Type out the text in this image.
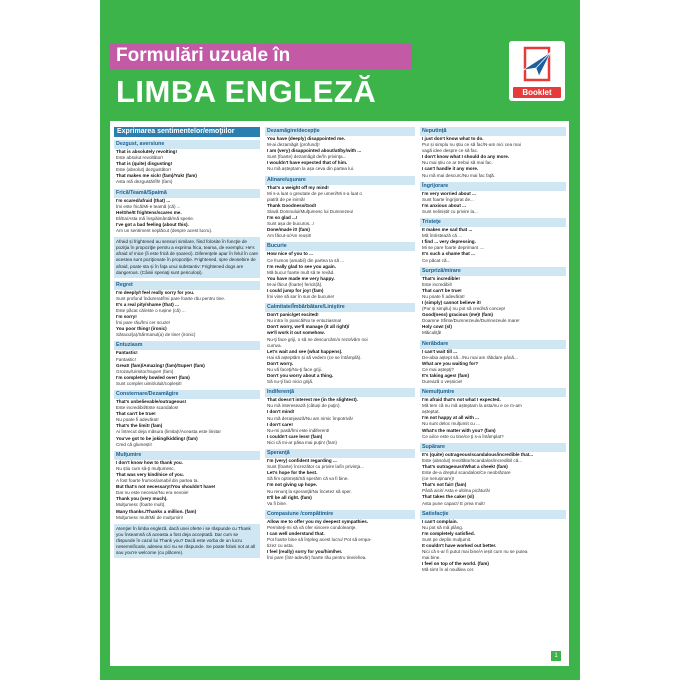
Formulări uzuale în
LIMBA ENGLEZĂ	Booklet
Exprimarea sentimentelor/emoţiilor
Dezgust, aversiune
That is absolutely revolting!
Este absolut revoltător!
That is (quite) disgusting!
Este (absolut) dezgustător!
That makes me sick! (fam)/Yuk! (fam)
Asta mă dezgustă!/Îh! (fam)
Frică/Teamă/Spaimă
I'm scared/afraid (that) ...
Îmi este frică/Mi-e teamă (că) ...
He/She/It frightens/scares me.
El/Ea/Asta mă înspăimântă/mă sperie.
I've got a bad feeling (about this).
Am un sentiment neplăcut (despre acest lucru).
Afraid și frightened au sensuri similare, fiind folosite în funcţie de poziţia în propoziţie pentru a exprima frica, teama, de exemplu: He's afraid of mice (Îi este frică de șoareci). Diferenţele apar în felul în care acestea sunt poziţionate în propoziţie. Frightened, spre deosebire de afraid, poate sta și în faţa unui substantiv: Frightened dogs are dangerous. (Câinii speriaţi sunt periculoși).
Regret
I'm deeply/I feel really sorry for you.
Sunt profund îndurerat/Îmi pare foarte rău pentru tine.
It's a real pity/shame (that) ...
Este păcat că/este o rușine (că) ...
I'm sorry!
Îmi pare rău/Îmi cer scuze!
You poor thing! (ironic)
Săracul(a)/Sărmanul(a) de tine! (ironic)
Entuziasm
Fantastic!
Fantastic!
Great! (fam)/Amazing! (fam)/Super! (fam)
Grozav/Uimitor/Super! (fam)
I'm completely bowled over! (fam)
Sunt complet uimit/uluit/copleșit!
Consternare/Dezamăgire
That's unbelievable/outrageous!
Este incredibil/Este scandalos!
That can't be true!
Nu poate fi adevărat!
That's the limit! (fam)
Ai întrecut deja măsura (limita)!/Aceasta este limita!
You've got to be joking/kidding! (fam)
Cred că glumești!
Mulţumire
I don't know how to thank you.
Nu știu cum să-ţi mulţumesc.
That was very kind/nice of you.
A fost foarte frumos/amabil din partea ta.
But that's not necessary!/You shouldn't have!
Dar nu este necesar/Nu era nevoie!
Thank you (very much).
Mulţumesc (foarte mult).
Many thanks./Thanks a million. (fam)
Mulţumesc mult/Mii de mulţumiri!
Atenţie! În limba engleză, dacă unei oferte i se răspunde cu Thank you înseamnă că aceasta a fost deja acceptată. Dar cum se răspunde în cazul lui Thank you? Dacă este vorba de un lucru nesemnificativ, adesea nici nu se răspunde. Se poate folosi not at all sau you're welcome (cu plăcere).
Dezamăgire/decepţie
You have (deeply) disappointed me.
M-ai dezamăgit (profund)!
I am (very) disappointed about/at/by/with ...
Sunt (foarte) dezamăgit de/în privinţa...
I wouldn't have expected that of him.
Nu mă așteptam la așa ceva din partea lui.
Alinare/uşurare
That's a weight off my mind!
Mi s-a luat o greutate de pe umeri/Mi s-a luat o
piatră de pe inimă!
Thank Goodness/God!
Slavă Domnului/Mulţumesc lui Dumnezeu!
I'm so glad ...!
Sunt așa de bucuros...!
Done/made it! (fam)
Am făcut-o/Am reușit!
Bucurie
How nice of you to ...
Ce frumos (amabil) din partea ta să ...
I'm really glad to see you again.
Mă bucur foarte mult să te revăd.
You have made me very happy.
M-ai făcut (foarte) fericit(ă).
I could jump for joy! (fam)
Îmi vine să sar în sus de bucurie!
Calmitate/Îmbărbătare/Liniştire
Don't panic/get excited!
Nu intra în panică/Nu te entuziasma!
Don't worry, we'll manage (it all right)/
we'll work it out somehow.
Nu-ţi face griji, o să ne descurcăm/o rezolvăm noi
cumva.
Let's wait and see (what happens).
Hai să așteptăm și să vedem (ce se întâmplă).
Don't worry.
Nu vă faceţi/Nu-ţi face griji.
Don't you worry about a thing.
Să nu-ţi faci nicio grijă.
Indiferenţă
That doesn't interest me (in the slightest).
Nu mă interesează (câtuși de puţin).
I don't mind!
Nu mă deranjează/Nu am nimic împotrivă!
I don't care!
Nu-mi pasă/Îmi este indiferent!
I couldn't care less! (fam)
Nici că mi-ar păsa mai puţin! (fam)
Speranţă
I'm (very) confident regarding ...
Sunt (foarte) încrezător cu privire la/în privinţa...
Let's hope for the best.
Să fim optimiști/Să sperăm că va fi bine.
I'm not giving up hope.
Nu renunţ la speranţă/Nu încetez să sper.
It'll be all right. (fam)
Va fi bine.
Compasiune /compătimire
Allow me to offer you my deepest sympathies.
Permiteţi-mi să vă ofer sincere condoleanţe.
I can well understand that.
Pot foarte bine să înţeleg acest lucru/ Pot să empa-
tizez cu asta.
I feel (really) sorry for you/him/her.
Îmi pare (într-adevăr) foarte rău pentru tine/el/ea.
Neputinţă
I just don't know what to do.
Pur și simplu nu știu ce să fac/N-am nici cea mai
vagă idee despre ce să fac.
I don't know what I should do any more.
Nu mai știu ce ar trebui să mai fac.
I can't handle it any more.
Nu mă mai descurc/Nu mai fac faţă.
Îngrijorare
I'm very worried about ...
Sunt foarte îngrijorat de...
I'm anxious about ...
Sunt neliniștit cu privire la...
Tristeţe
It makes me sad that ...
Mă întristează că ...
I find ... very depressing.
Mi se pare foarte deprimant ....
It's such a shame that ...
Ce păcat că...
Surpriză/mirare
That's incredible!
Este incredibil!
That can't be true!
Nu poate fi adevărat!
I (simply) cannot believe it!
(Pur și simplu) nu pot să cred/să concep!
Good(ness) gracious (me)! (fam)
Doamne Sfinte/Dumnezeule/Dumnezeule mare!
Holy cow! (sl)
Măiculiţă!
Nerăbdare
I can't wait till ...
De-abia aștept să.../Nu mai am răbdare până...
What are you waiting for?
Ce mai aștepţi?
It's taking ages! (fam)
Durează o veșnicie!
Nemulţumire
I'm afraid that's not what I expected.
Mă tem că nu mă așteptam la asta/nu e ce m-am
așteptat.
I'm not happy at all with ...
Nu sunt deloc mulţumit cu ...
What's the matter with you? (fam)
Ce ai/ce este cu tine/ce ţi s-a întâmplat?
Supărare
It's (quite) outrageous/scandalous/incredible that...
Este (absolut) revoltător/scandalos/incredibil că...
That's outrageous!/What a cheek! (fam)
Este de-a dreptul scandalos/Ce neobrăzare
(ce nerușinare)!
That's not fair! (fam)
Până aici!/ Asta e ultima picătură!
That takes the cake! (sl)
Asta pune capac!/ E prea mult!
Satisfacţie
I can't complain.
Nu pot să mă plâng.
I'm completely satisfied.
Sunt pe deplin mulţumit.
It couldn't have worked out better.
Nici că s-ar fi putut mai bine/A ieșit cum nu se putea
mai bine.
I feel on top of the world. (fam)
Mă simt în al nouălea cer.
1
